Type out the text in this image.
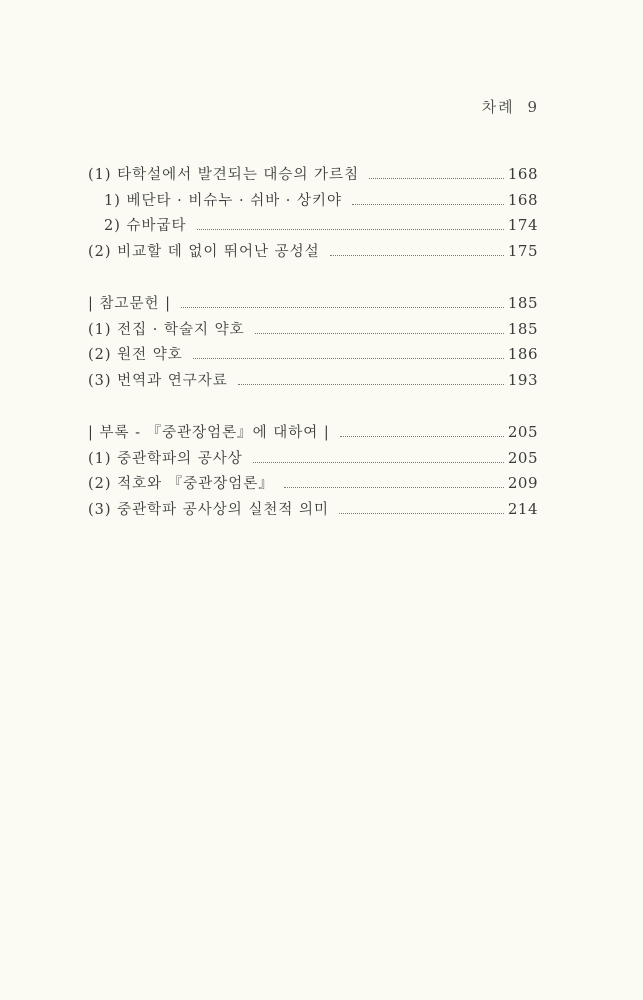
차례 9
(1) 타학설에서 발견되는 대승의 가르침	168
1) 베단타 · 비슈누 · 쉬바 · 상키야	168
2) 슈바굽타	174
(2) 비교할 데 없이 뛰어난 공성설	175
| 참고문헌 |	185
(1) 전집 · 학술지 약호	185
(2) 원전 약호	186
(3) 번역과 연구자료	193
| 부록 - 『중관장엄론』에 대하여 |	205
(1) 중관학파의 공사상	205
(2) 적호와 『중관장엄론』	209
(3) 중관학파 공사상의 실천적 의미	214
